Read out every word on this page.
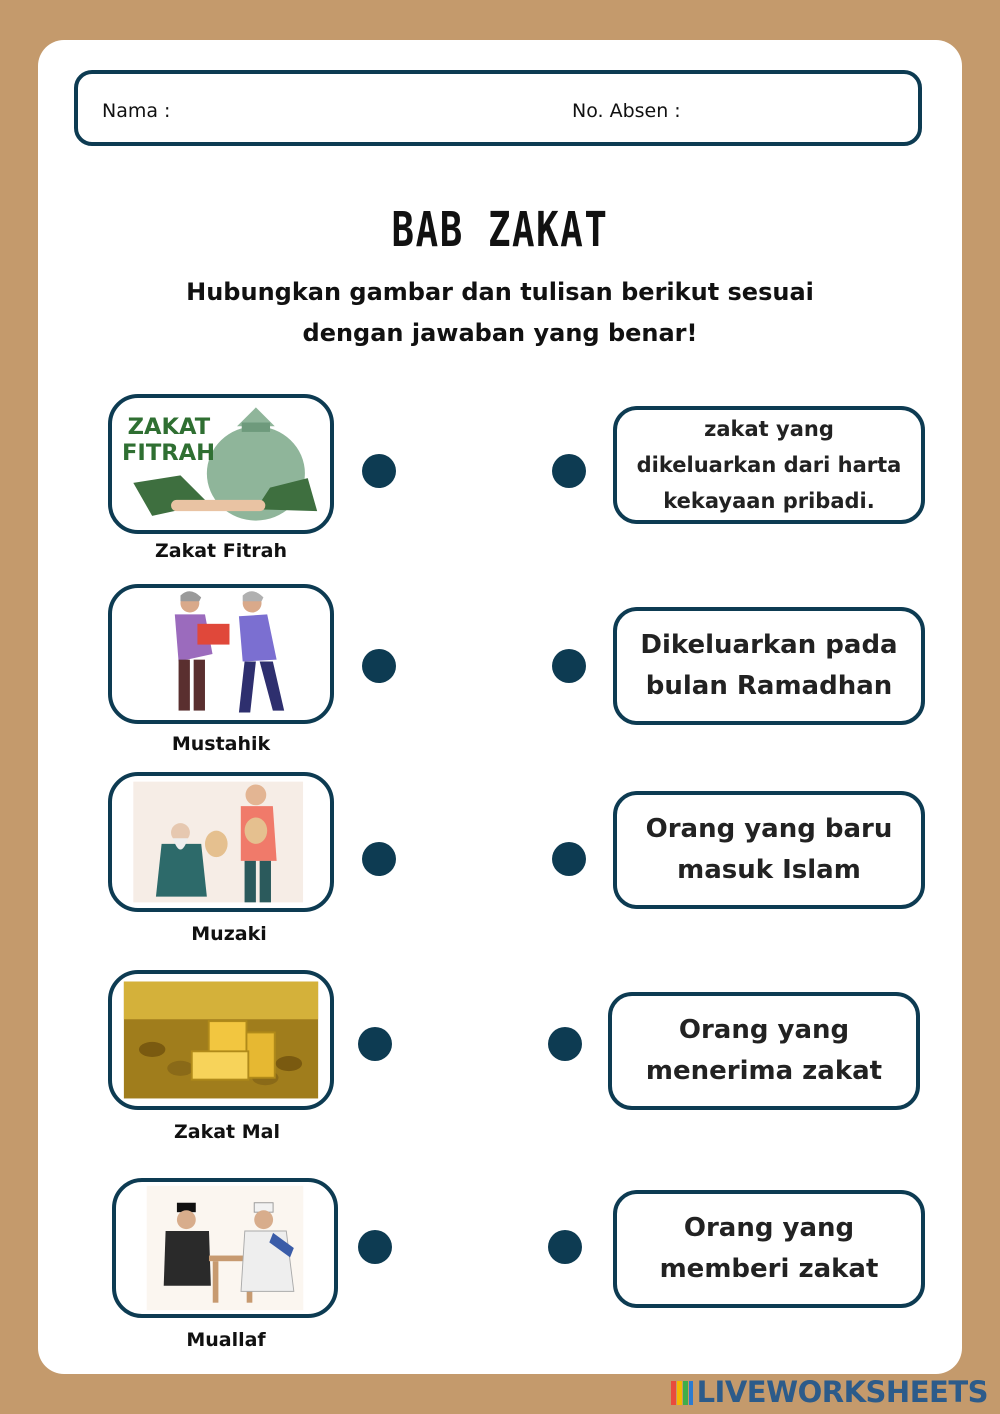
Nama :	No. Absen :
BAB ZAKAT
Hubungkan gambar dan tulisan berikut sesuai
dengan jawaban yang benar!
ZAKAT
FITRAH
Zakat Fitrah
Mustahik
Muzaki
Zakat Mal
Muallaf
zakat yang dikeluarkan dari harta kekayaan pribadi.
Dikeluarkan pada bulan Ramadhan
Orang yang baru masuk Islam
Orang yang menerima zakat
Orang yang memberi zakat
LIVEWORKSHEETS
